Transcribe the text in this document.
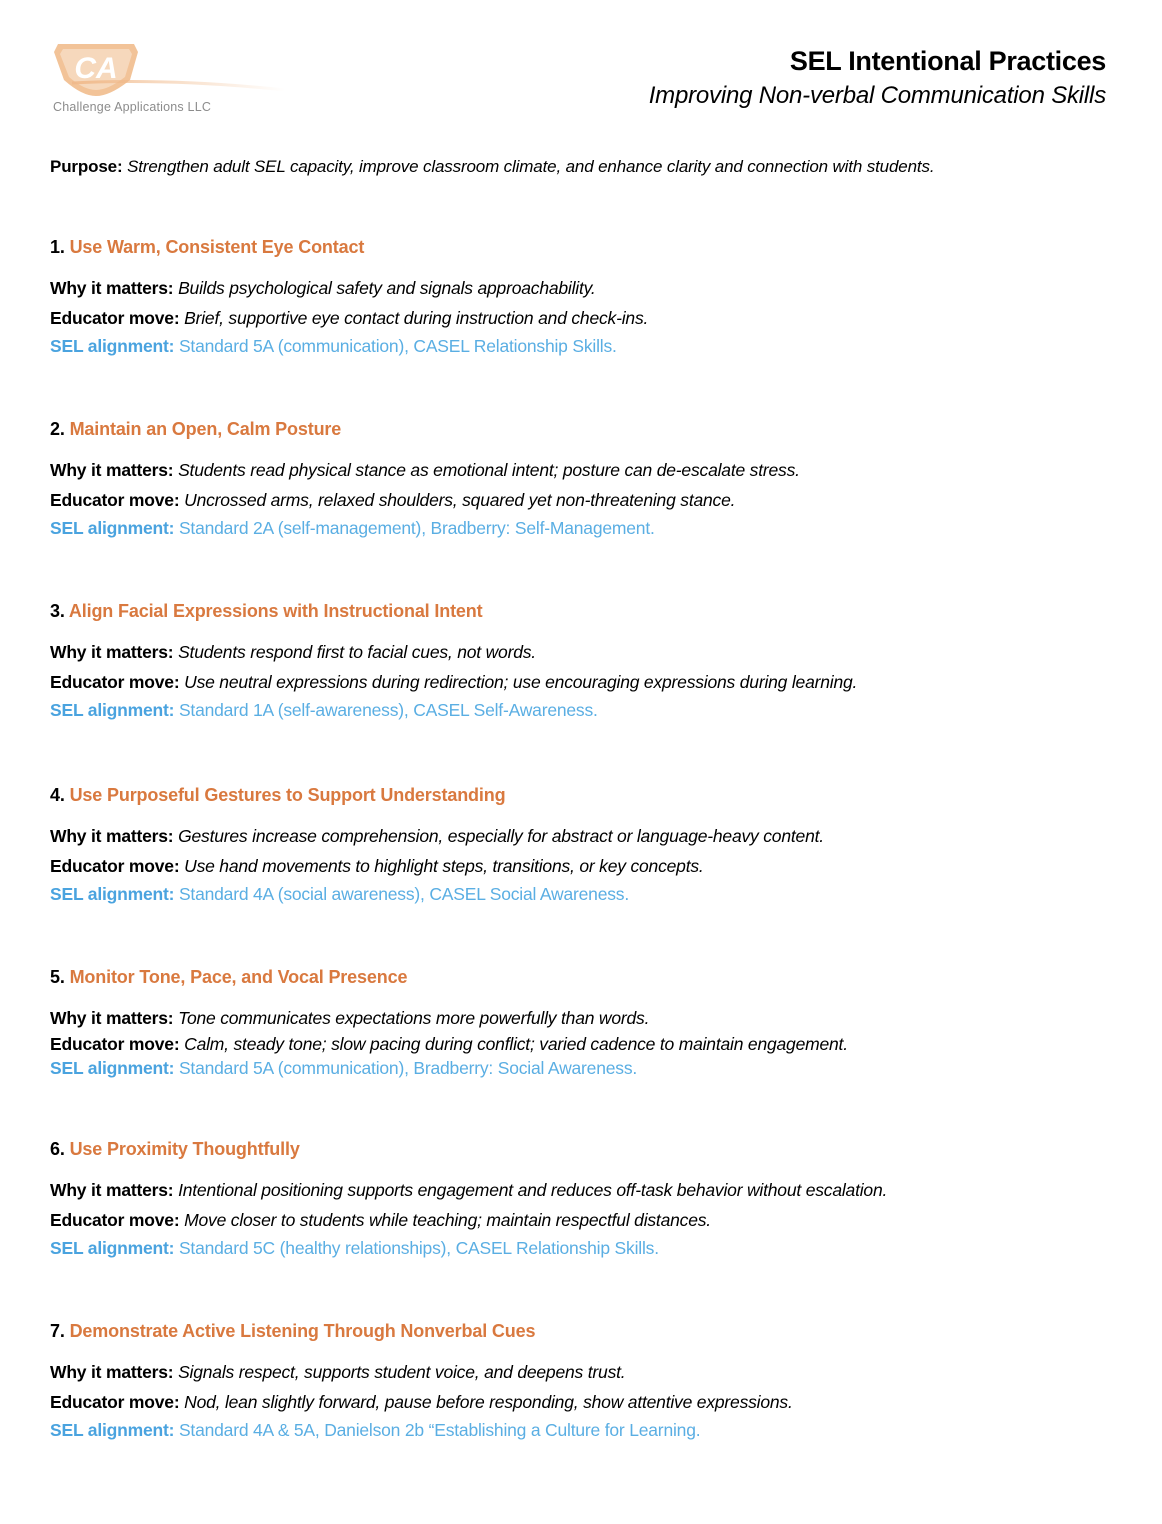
CA
Challenge Applications LLC
SEL Intentional Practices
Improving Non-verbal Communication Skills
Purpose: Strengthen adult SEL capacity, improve classroom climate, and enhance clarity and connection with students.
1. Use Warm, Consistent Eye Contact
Why it matters: Builds psychological safety and signals approachability.
Educator move: Brief, supportive eye contact during instruction and check-ins.
SEL alignment: Standard 5A (communication), CASEL Relationship Skills.
2. Maintain an Open, Calm Posture
Why it matters: Students read physical stance as emotional intent; posture can de-escalate stress.
Educator move: Uncrossed arms, relaxed shoulders, squared yet non-threatening stance.
SEL alignment: Standard 2A (self-management), Bradberry: Self-Management.
3. Align Facial Expressions with Instructional Intent
Why it matters: Students respond first to facial cues, not words.
Educator move: Use neutral expressions during redirection; use encouraging expressions during learning.
SEL alignment: Standard 1A (self-awareness), CASEL Self-Awareness.
4. Use Purposeful Gestures to Support Understanding
Why it matters: Gestures increase comprehension, especially for abstract or language-heavy content.
Educator move: Use hand movements to highlight steps, transitions, or key concepts.
SEL alignment: Standard 4A (social awareness), CASEL Social Awareness.
5. Monitor Tone, Pace, and Vocal Presence
Why it matters: Tone communicates expectations more powerfully than words.
Educator move: Calm, steady tone; slow pacing during conflict; varied cadence to maintain engagement.
SEL alignment: Standard 5A (communication), Bradberry: Social Awareness.
6. Use Proximity Thoughtfully
Why it matters: Intentional positioning supports engagement and reduces off-task behavior without escalation.
Educator move: Move closer to students while teaching; maintain respectful distances.
SEL alignment: Standard 5C (healthy relationships), CASEL Relationship Skills.
7. Demonstrate Active Listening Through Nonverbal Cues
Why it matters: Signals respect, supports student voice, and deepens trust.
Educator move: Nod, lean slightly forward, pause before responding, show attentive expressions.
SEL alignment: Standard 4A & 5A, Danielson 2b “Establishing a Culture for Learning.
